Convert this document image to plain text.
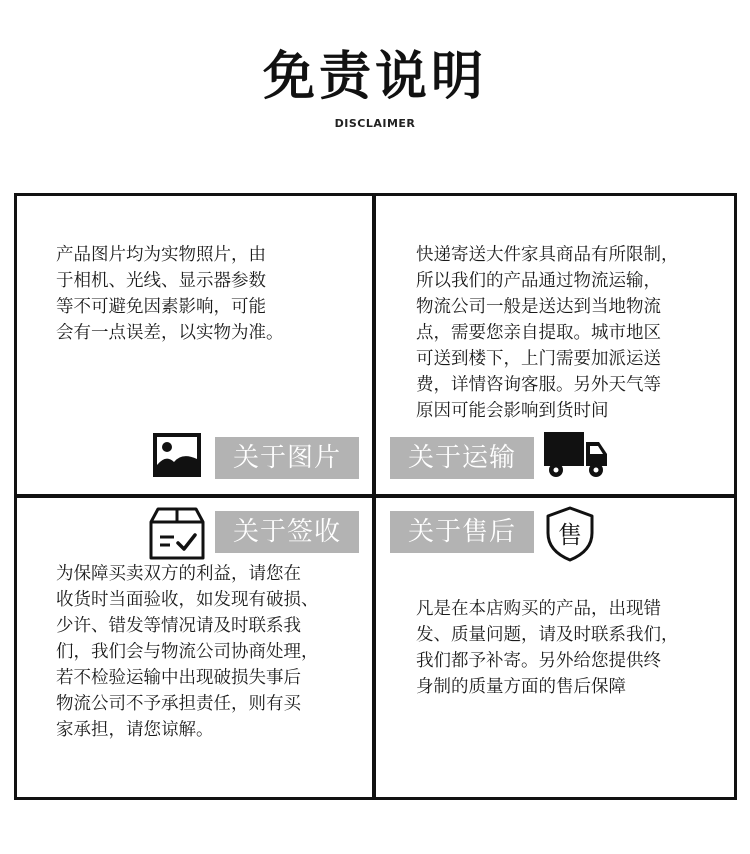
免责说明
DISCLAIMER
产品图片均为实物照片，由
于相机、光线、显示器参数
等不可避免因素影响，可能
会有一点误差，以实物为准。
关于图片
快递寄送大件家具商品有所限制，
所以我们的产品通过物流运输，
物流公司一般是送达到当地物流
点，需要您亲自提取。城市地区
可送到楼下，上门需要加派运送
费，详情咨询客服。另外天气等
原因可能会影响到货时间
关于运输
关于签收
为保障买卖双方的利益，请您在
收货时当面验收，如发现有破损、
少许、错发等情况请及时联系我
们，我们会与物流公司协商处理，
若不检验运输中出现破损失事后
物流公司不予承担责任，则有买
家承担，请您谅解。
关于售后	售
凡是在本店购买的产品，出现错
发、质量问题，请及时联系我们，
我们都予补寄。另外给您提供终
身制的质量方面的售后保障
